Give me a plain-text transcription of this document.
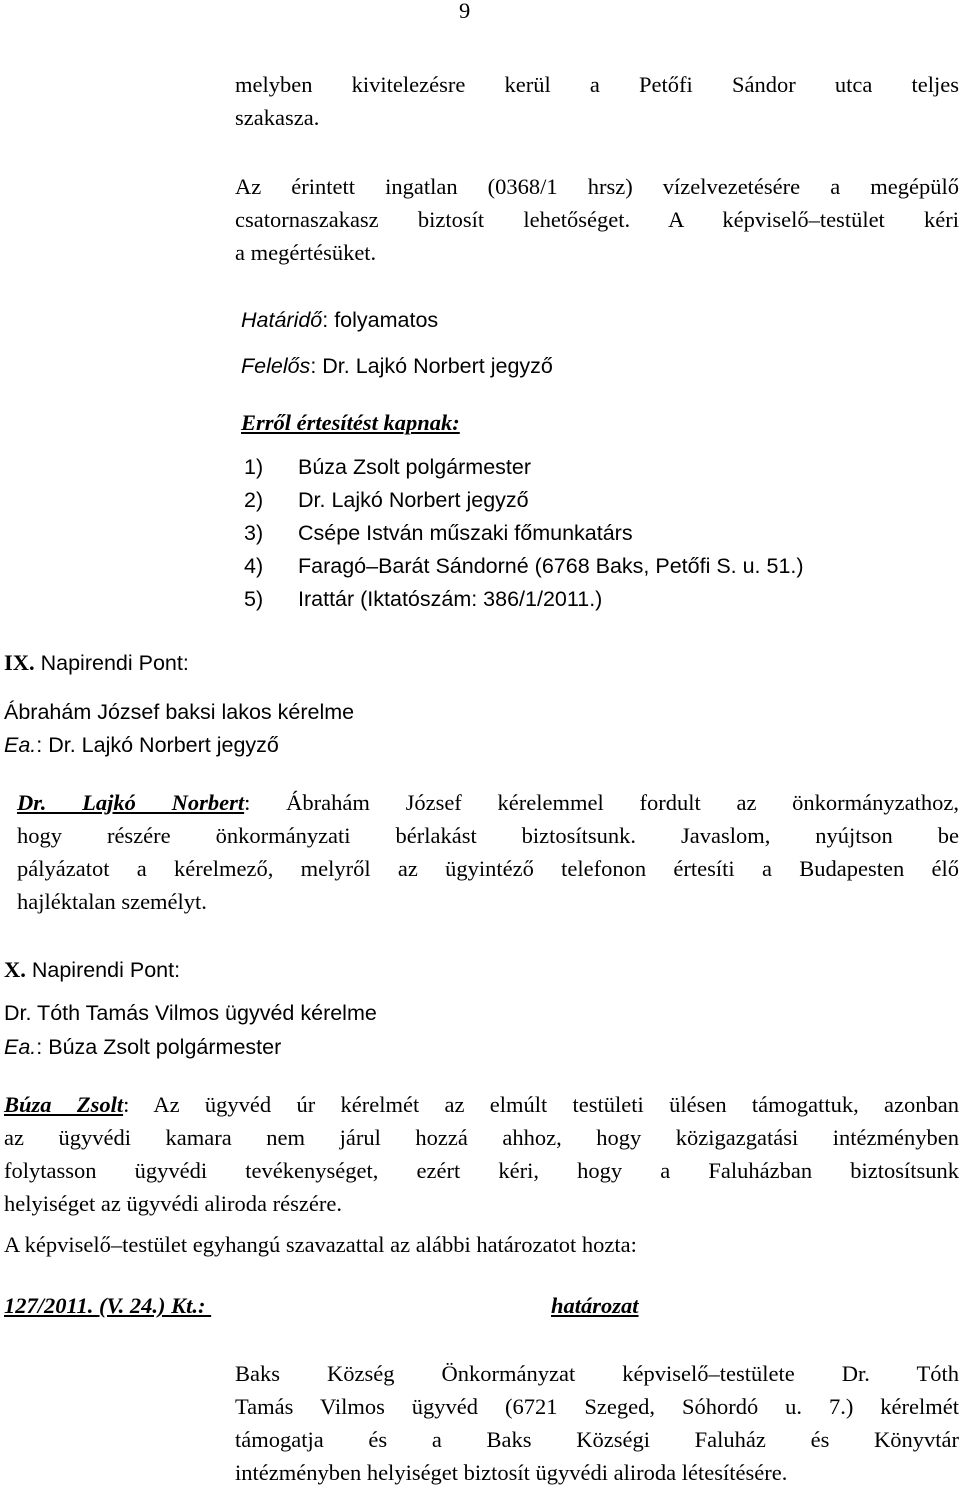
9

melyben kivitelezésre kerül a Petőfi Sándor utca teljes

szakasza.

Az érintett ingatlan (0368/1 hrsz) vízelvezetésére a megépülő

csatornaszakasz biztosít lehetőséget. A képviselő–testület kéri

a megértésüket.

Határidő: folyamatos
Felelős: Dr. Lajkó Norbert jegyző
Erről értesítést kapnak:
1)	Búza Zsolt polgármester
2)	Dr. Lajkó Norbert jegyző
3)	Csépe István műszaki főmunkatárs
4)	Faragó–Barát Sándorné (6768 Baks, Petőfi S. u. 51.)
5)	Irattár (Iktatószám: 386/1/2011.)
IX. Napirendi Pont:
Ábrahám József baksi lakos kérelme
Ea.: Dr. Lajkó Norbert jegyző

Dr. Lajkó Norbert: Ábrahám József kérelemmel fordult az önkormányzathoz,

hogy részére önkormányzati bérlakást biztosítsunk. Javaslom, nyújtson be

pályázatot a kérelmező, melyről az ügyintéző telefonon értesíti a Budapesten élő

hajléktalan személyt.

X. Napirendi Pont:
Dr. Tóth Tamás Vilmos ügyvéd kérelme
Ea.: Búza Zsolt polgármester

Búza Zsolt: Az ügyvéd úr kérelmét az elmúlt testületi ülésen támogattuk, azonban

az ügyvédi kamara nem járul hozzá ahhoz, hogy közigazgatási intézményben

folytasson ügyvédi tevékenységet, ezért kéri, hogy a Faluházban biztosítsunk

helyiséget az ügyvédi aliroda részére.

A képviselő–testület egyhangú szavazattal az alábbi határozatot hozta:
127/2011. (V. 24.) Kt.:	határozat

Baks Község Önkormányzat képviselő–testülete Dr. Tóth

Tamás Vilmos ügyvéd (6721 Szeged, Sóhordó u. 7.) kérelmét

támogatja és a Baks Községi Faluház és Könyvtár

intézményben helyiséget biztosít ügyvédi aliroda létesítésére.
